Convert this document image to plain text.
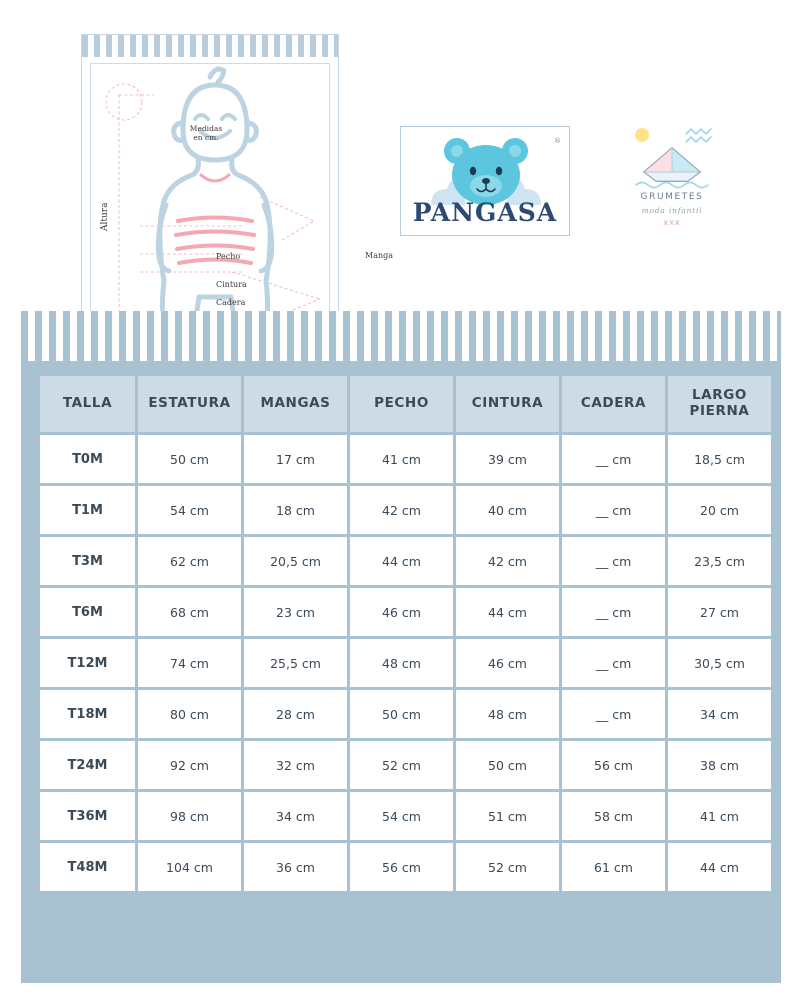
Altura
Medidas
en cm.
Pecho
Cintura
Cadera
Manga

®
PANGASA
GRUMETES
moda infantil
xxx
TALLA	ESTATURA	MANGAS	PECHO	CINTURA	CADERA	LARGO
PIERNA
T0M	50 cm	17 cm	41 cm	39 cm	__ cm	18,5 cm
T1M	54 cm	18 cm	42 cm	40 cm	__ cm	20 cm
T3M	62 cm	20,5 cm	44 cm	42 cm	__ cm	23,5 cm
T6M	68 cm	23 cm	46 cm	44 cm	__ cm	27 cm
T12M	74 cm	25,5 cm	48 cm	46 cm	__ cm	30,5 cm
T18M	80 cm	28 cm	50 cm	48 cm	__ cm	34 cm
T24M	92 cm	32 cm	52 cm	50 cm	56 cm	38 cm
T36M	98 cm	34 cm	54 cm	51 cm	58 cm	41 cm
T48M	104 cm	36 cm	56 cm	52 cm	61 cm	44 cm
